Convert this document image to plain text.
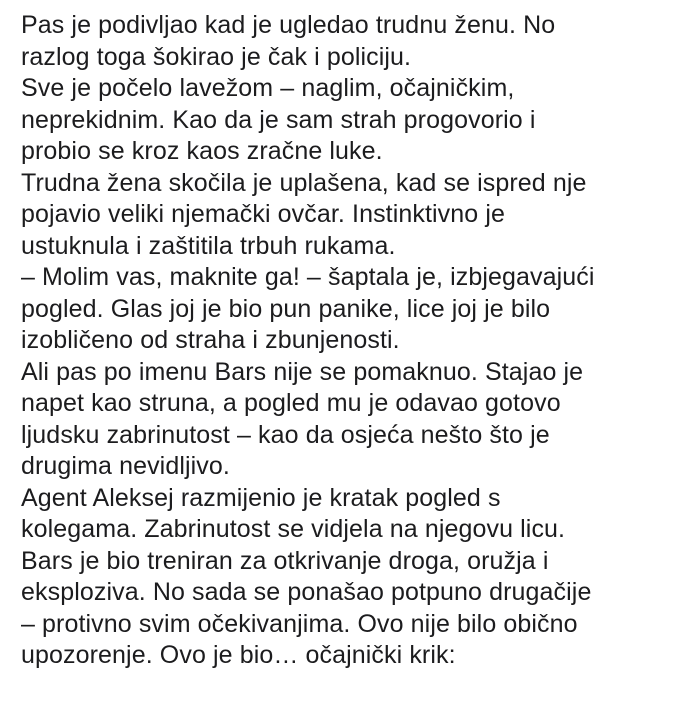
Pas je podivljao kad je ugledao trudnu ženu. No
razlog toga šokirao je čak i policiju.
Sve je počelo lavežom – naglim, očajničkim,
neprekidnim. Kao da je sam strah progovorio i
probio se kroz kaos zračne luke.
Trudna žena skočila je uplašena, kad se ispred nje
pojavio veliki njemački ovčar. Instinktivno je
ustuknula i zaštitila trbuh rukama.
– Molim vas, maknite ga! – šaptala je, izbjegavajući
pogled. Glas joj je bio pun panike, lice joj je bilo
izobličeno od straha i zbunjenosti.
Ali pas po imenu Bars nije se pomaknuo. Stajao je
napet kao struna, a pogled mu je odavao gotovo
ljudsku zabrinutost – kao da osjeća nešto što je
drugima nevidljivo.
Agent Aleksej razmijenio je kratak pogled s
kolegama. Zabrinutost se vidjela na njegovu licu.
Bars je bio treniran za otkrivanje droga, oružja i
eksploziva. No sada se ponašao potpuno drugačije
– protivno svim očekivanjima. Ovo nije bilo obično
upozorenje. Ovo je bio… očajnički krik:
